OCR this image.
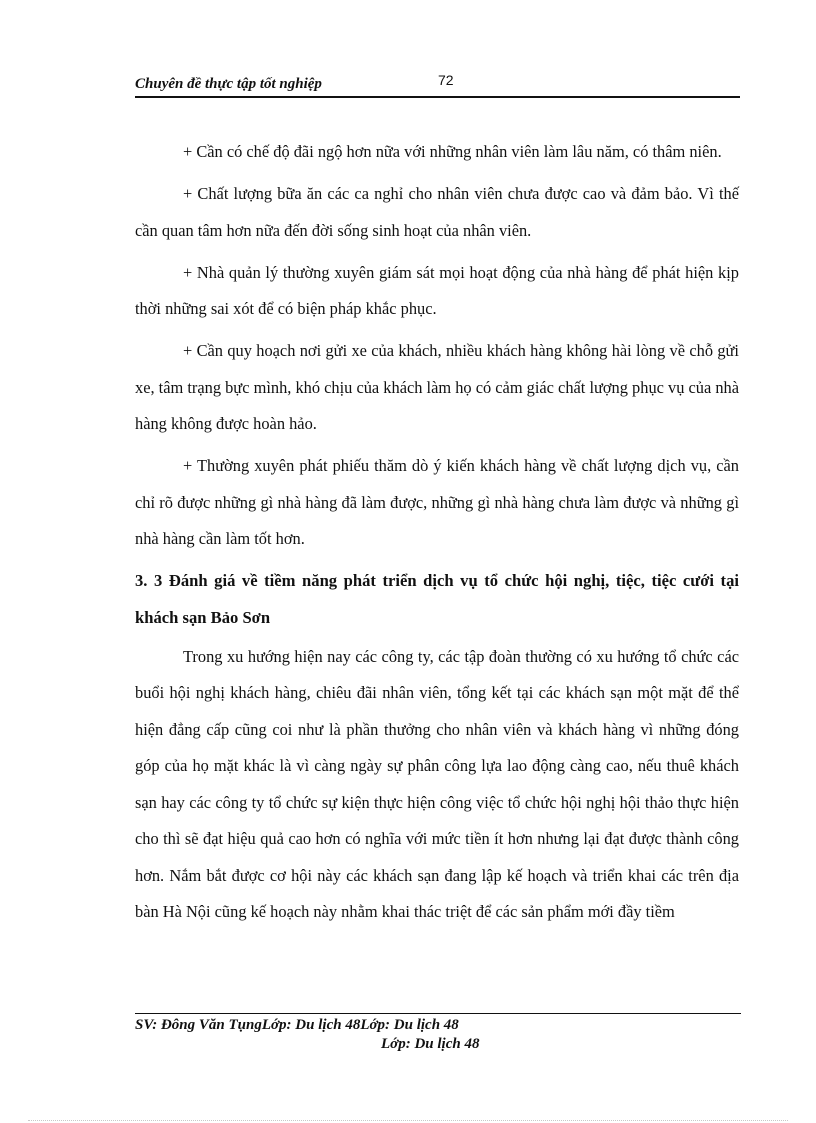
Chuyên đề thực tập tốt nghiệp	72

+ Cần có chế độ đãi ngộ hơn nữa với những nhân viên làm lâu năm, có thâm niên.

+ Chất lượng bữa ăn các ca nghỉ cho nhân viên chưa được cao và đảm bảo. Vì thế cần quan tâm hơn nữa đến đời sống sinh hoạt của nhân viên.

+ Nhà quản lý thường xuyên giám sát mọi hoạt động của nhà hàng để phát hiện kịp thời những sai xót để có biện pháp khắc phục.

+ Cần quy hoạch nơi gửi xe của khách, nhiều khách hàng không hài lòng về chỗ gửi xe, tâm trạng bực mình, khó chịu của khách làm họ có cảm giác chất lượng phục vụ của nhà hàng không được hoàn hảo.

+ Thường xuyên phát phiếu thăm dò ý kiến khách hàng về chất lượng dịch vụ, cần chỉ rõ được những gì nhà hàng đã làm được, những gì nhà hàng chưa làm được và những gì nhà hàng cần làm tốt hơn.

3. 3 Đánh giá về tiềm năng phát triển dịch vụ tổ chức hội nghị, tiệc, tiệc cưới tại khách sạn Bảo Sơn

Trong xu hướng hiện nay các công ty, các tập đoàn thường có xu hướng tổ chức các buổi hội nghị khách hàng, chiêu đãi nhân viên, tổng kết tại các khách sạn một mặt để thể hiện đẳng cấp cũng coi như là phần thưởng cho nhân viên và khách hàng vì những đóng góp của họ mặt khác là vì càng ngày sự phân công lựa lao động càng cao, nếu thuê khách sạn hay các công ty tổ chức sự kiện thực hiện công việc tổ chức hội nghị hội thảo thực hiện cho thì sẽ đạt hiệu quả cao hơn có nghĩa với mức tiền ít hơn nhưng lại đạt được thành công hơn. Nắm bắt được cơ hội này các khách sạn đang lập kế hoạch và triển khai các trên địa bàn Hà Nội cũng kế hoạch này nhằm khai thác triệt để các sản phẩm mới đầy tiềm

SV: Đông Văn TụngLớp: Du lịch 48Lớp: Du lịch 48
Lớp: Du lịch 48
